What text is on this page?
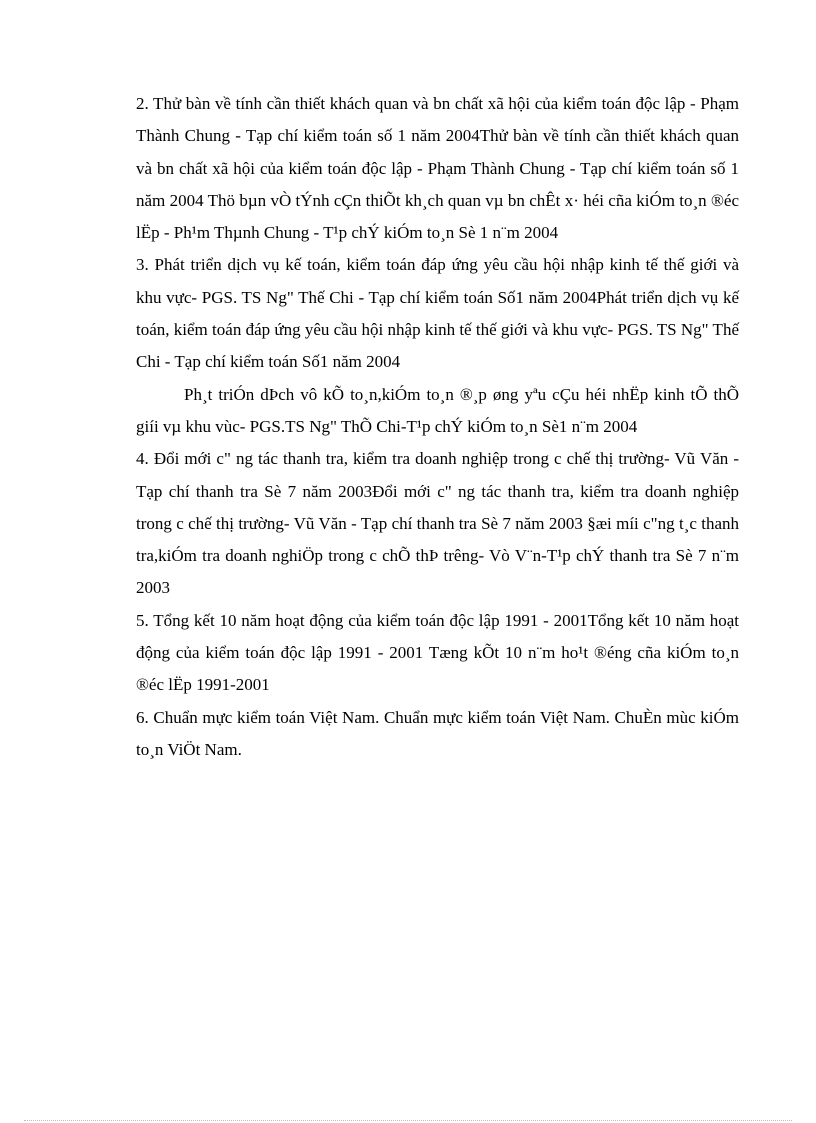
2. Thử bàn về tính cần thiết khách quan và bn chất xã hội của kiểm toán độc lập - Phạm Thành Chung - Tạp chí kiểm toán số 1 năm 2004Thử bàn về tính cần thiết khách quan và bn chất xã hội của kiểm toán độc lập - Phạm Thành Chung - Tạp chí kiểm toán số 1 năm 2004 Thö bµn vÒ tÝnh cÇn thiÕt kh¸ch quan vµ bn chÊt x· héi cña kiÓm to¸n ®éc lËp - Ph¹m Thµnh Chung - T¹p chÝ kiÓm to¸n Sè 1 n¨m 2004

3. Phát triển dịch vụ kế toán, kiểm toán đáp ứng yêu cầu hội nhập kinh tế thế giới và khu vực- PGS. TS Ng" Thế Chi - Tạp chí kiểm toán Số1 năm 2004Phát triển dịch vụ kế toán, kiểm toán đáp ứng yêu cầu hội nhập kinh tế thế giới và khu vực- PGS. TS Ng" Thế Chi - Tạp chí kiểm toán Số1 năm 2004

Ph¸t triÓn dÞch vô kÕ to¸n,kiÓm to¸n ®¸p øng yªu cÇu héi nhËp kinh tÕ thÕ giíi vµ khu vùc- PGS.TS Ng" ThÕ Chi-T¹p chÝ kiÓm to¸n Sè1 n¨m 2004

4. Đổi mới c" ng tác thanh tra, kiểm tra doanh nghiệp trong c chế thị trường- Vũ Văn - Tạp chí thanh tra Sè 7 năm 2003Đổi mới c" ng tác thanh tra, kiểm tra doanh nghiệp trong c chế thị trường- Vũ Văn - Tạp chí thanh tra Sè 7 năm 2003 §æi míi c"ng t¸c thanh tra,kiÓm tra doanh nghiÖp trong c chÕ thÞ trêng- Vò V¨n-T¹p chÝ thanh tra Sè 7 n¨m 2003

5. Tổng kết 10 năm hoạt động của kiểm toán độc lập 1991 - 2001Tổng kết 10 năm hoạt động của kiểm toán độc lập 1991 - 2001 Tæng kÕt 10 n¨m ho¹t ®éng cña kiÓm to¸n ®éc lËp 1991-2001

6. Chuẩn mực kiểm toán Việt Nam. Chuẩn mực kiểm toán Việt Nam. ChuÈn mùc kiÓm to¸n ViÖt Nam.
